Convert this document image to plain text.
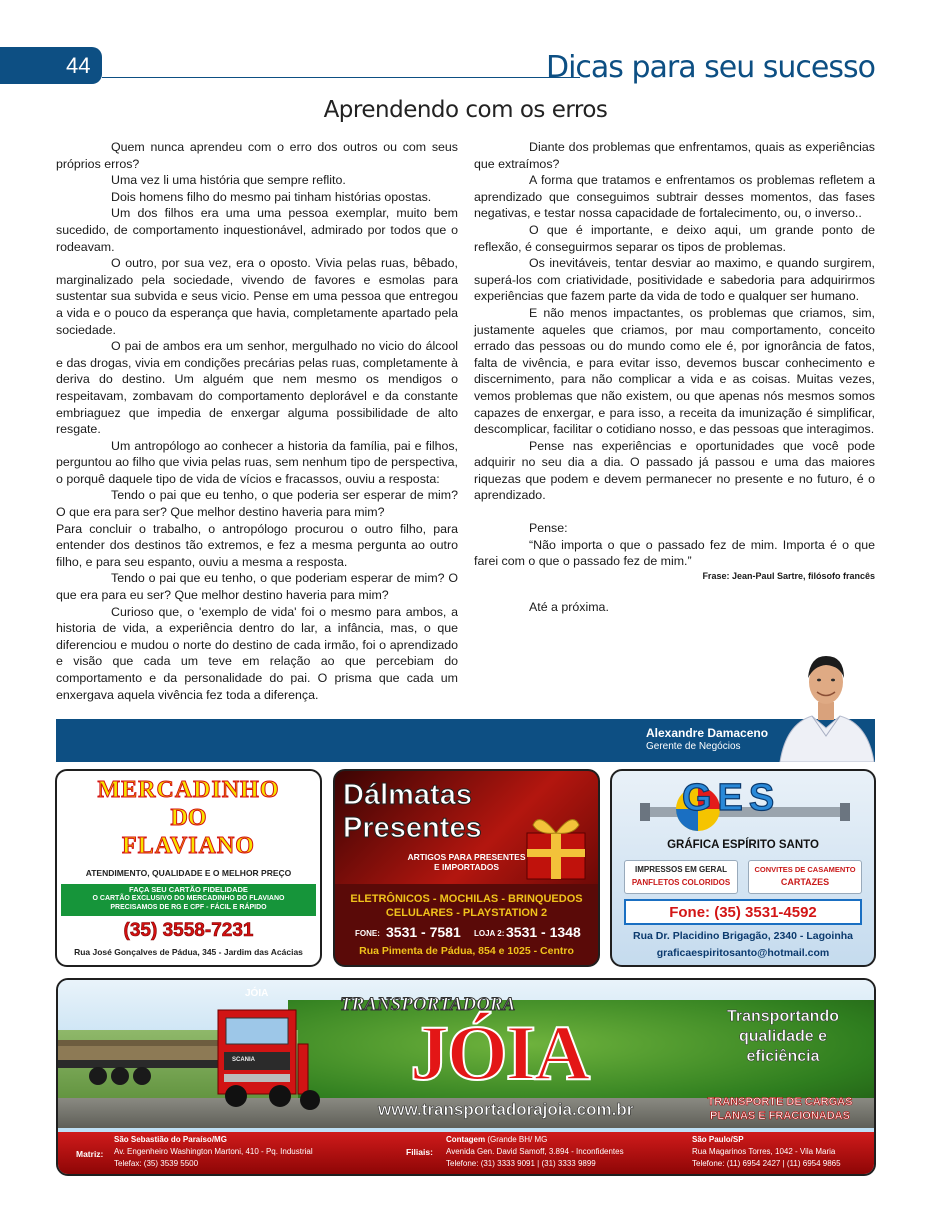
44	Dicas para seu sucesso
Aprendendo com os erros

Quem nunca aprendeu com o erro dos outros ou com seus próprios erros?

Uma vez li uma história que sempre reflito.

Dois homens filho do mesmo pai tinham histórias opostas.

Um dos filhos era uma uma pessoa exemplar, muito bem sucedido, de comportamento inquestionável, admirado por todos que o rodeavam.

O outro, por sua vez, era o oposto. Vivia pelas ruas, bêbado, marginalizado pela sociedade, vivendo de favores e esmolas para sustentar sua subvida e seus vicio. Pense em uma pessoa que entregou a vida e o pouco da esperança que havia, completamente apartado pela sociedade.

O pai de ambos era um senhor, mergulhado no vicio do álcool e das drogas, vivia em condições precárias pelas ruas, completamente à deriva do destino. Um alguém que nem mesmo os mendigos o respeitavam, zombavam do comportamento deplorável e da constante embriaguez que impedia de enxergar alguma possibilidade de alto resgate.

Um antropólogo ao conhecer a historia da família, pai e filhos, perguntou ao filho que vivia pelas ruas, sem nenhum tipo de perspectiva, o porquê daquele tipo de vida de vícios e fracassos, ouviu a resposta:

Tendo o pai que eu tenho, o que poderia ser esperar de mim? O que era para ser? Que melhor destino haveria para mim?

Para concluir o trabalho, o antropólogo procurou o outro filho, para entender dos destinos tão extremos, e fez a mesma pergunta ao outro filho, e para seu espanto, ouviu a mesma a resposta.

Tendo o pai que eu tenho, o que poderiam esperar de mim? O que era para eu ser? Que melhor destino haveria para mim?

Curioso que, o 'exemplo de vida' foi o mesmo para ambos, a historia de vida, a experiência dentro do lar, a infância, mas, o que diferenciou e mudou o norte do destino de cada irmão, foi o aprendizado e visão que cada um teve em relação ao que percebiam do comportamento e da personalidade do pai. O prisma que cada um enxergava aquela vivência fez toda a diferença.

Diante dos problemas que enfrentamos, quais as experiências que extraímos?

A forma que tratamos e enfrentamos os problemas refletem a aprendizado que conseguimos subtrair desses momentos, das fases negativas, e testar nossa capacidade de fortalecimento, ou, o inverso..

O que é importante, e deixo aqui, um grande ponto de reflexão, é conseguirmos separar os tipos de problemas.

Os inevitáveis, tentar desviar ao maximo, e quando surgirem, superá-los com criatividade, positividade e sabedoria para adquirirmos experiências que fazem parte da vida de todo e qualquer ser humano.

E não menos impactantes, os problemas que criamos, sim, justamente aqueles que criamos, por mau comportamento, conceito errado das pessoas ou do mundo como ele é, por ignorância de fatos, falta de vivência, e para evitar isso, devemos buscar conhecimento e discernimento, para não complicar a vida e as coisas. Muitas vezes, vemos problemas que não existem, ou que apenas nós mesmos somos capazes de enxergar, e para isso, a receita da imunização é simplificar, descomplicar, facilitar o cotidiano nosso, e das pessoas que interagimos.

Pense nas experiências e oportunidades que você pode adquirir no seu dia a dia. O passado já passou e uma das maiores riquezas que podem e devem permanecer no presente e no futuro, é o aprendizado.

Pense:

“Não importa o que o passado fez de mim. Importa é o que farei com o que o passado fez de mim.”

Frase: Jean-Paul Sartre, filósofo francês

Até a próxima.

Alexandre Damaceno
Gerente de Negócios
MERCADINHO
DO
FLAVIANO
ATENDIMENTO, QUALIDADE E O MELHOR PREÇO
FAÇA SEU CARTÃO FIDELIDADE
O CARTÃO EXCLUSIVO DO MERCADINHO DO FLAVIANO
PRECISAMOS DE RG E CPF - FÁCIL E RÁPIDO
(35) 3558-7231
Rua José Gonçalves de Pádua, 345 - Jardim das Acácias
Dálmatas
Presentes
ARTIGOS PARA PRESENTES
E IMPORTADOS
ELETRÔNICOS - MOCHILAS - BRINQUEDOS
CELULARES - PLAYSTATION 2
FONE: 3531 - 7581 LOJA 2: 3531 - 1348
Rua Pimenta de Pádua, 854 e 1025 - Centro
GES
GRÁFICA ESPÍRITO SANTO
IMPRESSOS EM GERAL
PANFLETOS COLORIDOS
CONVITES DE CASAMENTO
CARTAZES
Fone: (35) 3531-4592
Rua Dr. Placidino Brigagão, 2340 - Lagoinha
graficaespiritosanto@hotmail.com
JÓIA
SCANIA
TRANSPORTADORA
JÓIA	Transportando
qualidade e
eficiência
www.transportadorajoia.com.br	TRANSPORTE DE CARGAS
PLANAS E FRACIONADAS
Matriz:
São Sebastião do Paraíso/MG
Av. Engenheiro Washington Martoni, 410 - Pq. Industrial
Telefax: (35) 3539 5500
Filiais:
Contagem (Grande BH/ MG
Avenida Gen. David Samoff, 3.894 - Inconfidentes
Telefone: (31) 3333 9091 | (31) 3333 9899
São Paulo/SP
Rua Magarinos Torres, 1042 - Vila Maria
Telefone: (11) 6954 2427 | (11) 6954 9865
